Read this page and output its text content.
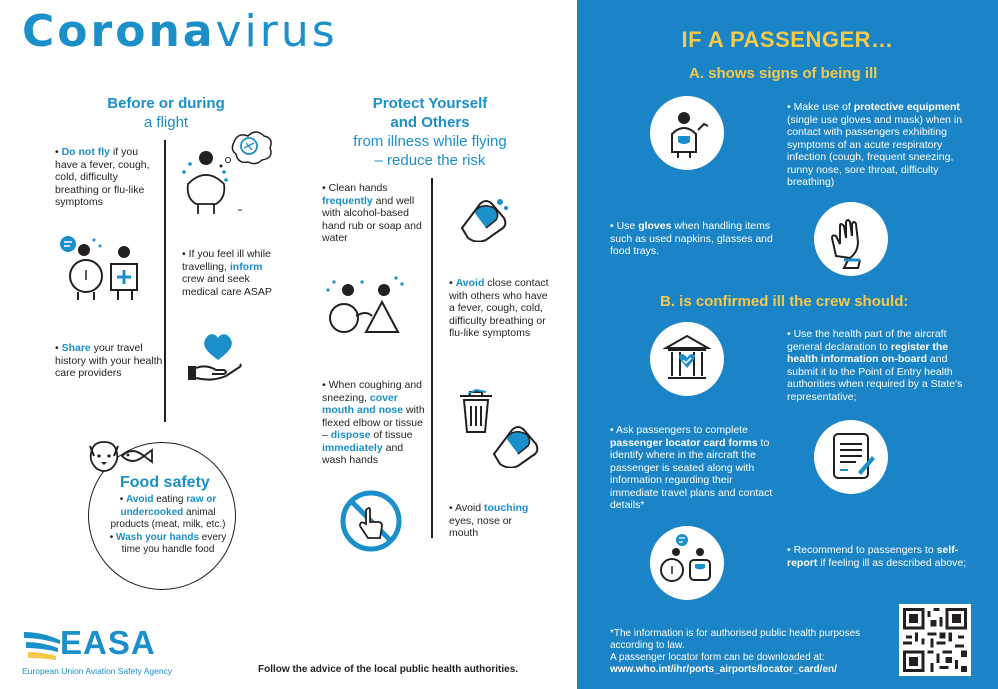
Coronavirus
Before or during
a flight
Protect Yourself
and Others
from illness while flying
– reduce the risk
• Do not fly if you have a fever, cough, cold, difficulty breathing or flu-like symptoms
• If you feel ill while travelling, inform crew and seek medical care ASAP
• Share your travel history with your health care providers
• Clean hands frequently and well with alcohol-based hand rub or soap and water
• Avoid close contact with others who have a fever, cough, cold, difficulty breathing or flu-like symptoms
• When coughing and sneezing, cover mouth and nose with flexed elbow or tissue – dispose of tissue immediately and wash hands
• Avoid touching eyes, nose or mouth
Food safety
• Avoid eating raw or undercooked animal products (meat, milk, etc.)
• Wash your hands every time you handle food
EASA
European Union Aviation Safety Agency	Follow the advice of the local public health authorities.
IF A PASSENGER…
A. shows signs of being ill
• Make use of protective equipment (single use gloves and mask) when in contact with passengers exhibiting symptoms of an acute respiratory infection (cough, frequent sneezing, runny nose, sore throat, difficulty breathing)
• Use gloves when handling items such as used napkins, glasses and food trays.
B. is confirmed ill the crew should:
• Use the health part of the aircraft general declaration to register the health information on-board and submit it to the Point of Entry health authorities when required by a State's representative;
• Ask passengers to complete passenger locator card forms to identify where in the aircraft the passenger is seated along with information regarding their immediate travel plans and contact details*
• Recommend to passengers to self-report if feeling ill as described above;
*The information is for authorised public health purposes according to law.
A passenger locator form can be downloaded at:
www.who.int/ihr/ports_airports/locator_card/en/
